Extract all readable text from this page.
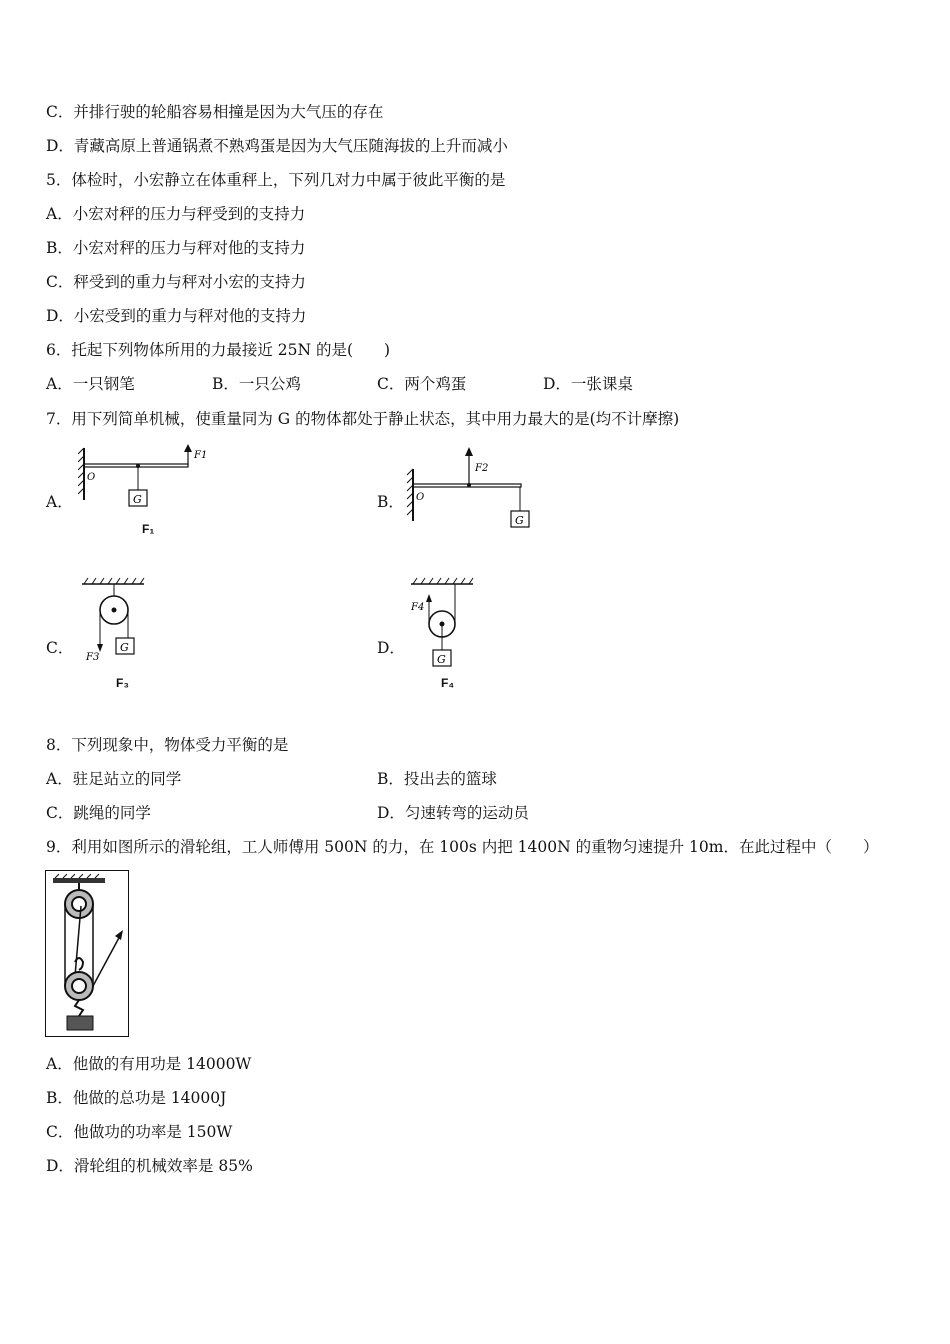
C．并排行驶的轮船容易相撞是因为大气压的存在
D．青藏高原上普通锅煮不熟鸡蛋是因为大气压随海拔的上升而减小
5．体检时，小宏静立在体重秤上，下列几对力中属于彼此平衡的是
A．小宏对秤的压力与秤受到的支持力
B．小宏对秤的压力与秤对他的支持力
C．秤受到的重力与秤对小宏的支持力
D．小宏受到的重力与秤对他的支持力
6．托起下列物体所用的力最接近 25N 的是(　　)
A．一只钢笔	B．一只公鸡	C．两个鸡蛋	D．一张课桌
7．用下列简单机械，使重量同为 G 的物体都处于静止状态，其中用力最大的是(均不计摩擦)
A．	G
F1
O
F₁
B．
F2
G
O
C．
F3
G
F₃
D．
F4
G
F₄
8．下列现象中，物体受力平衡的是
A．驻足站立的同学	B．投出去的篮球
C．跳绳的同学	D．匀速转弯的运动员
9．利用如图所示的滑轮组，工人师傅用 500N 的力，在 100s 内把 1400N 的重物匀速提升 10m．在此过程中（　　）
A．他做的有用功是 14000W
B．他做的总功是 14000J
C．他做功的功率是 150W
D．滑轮组的机械效率是 85%
